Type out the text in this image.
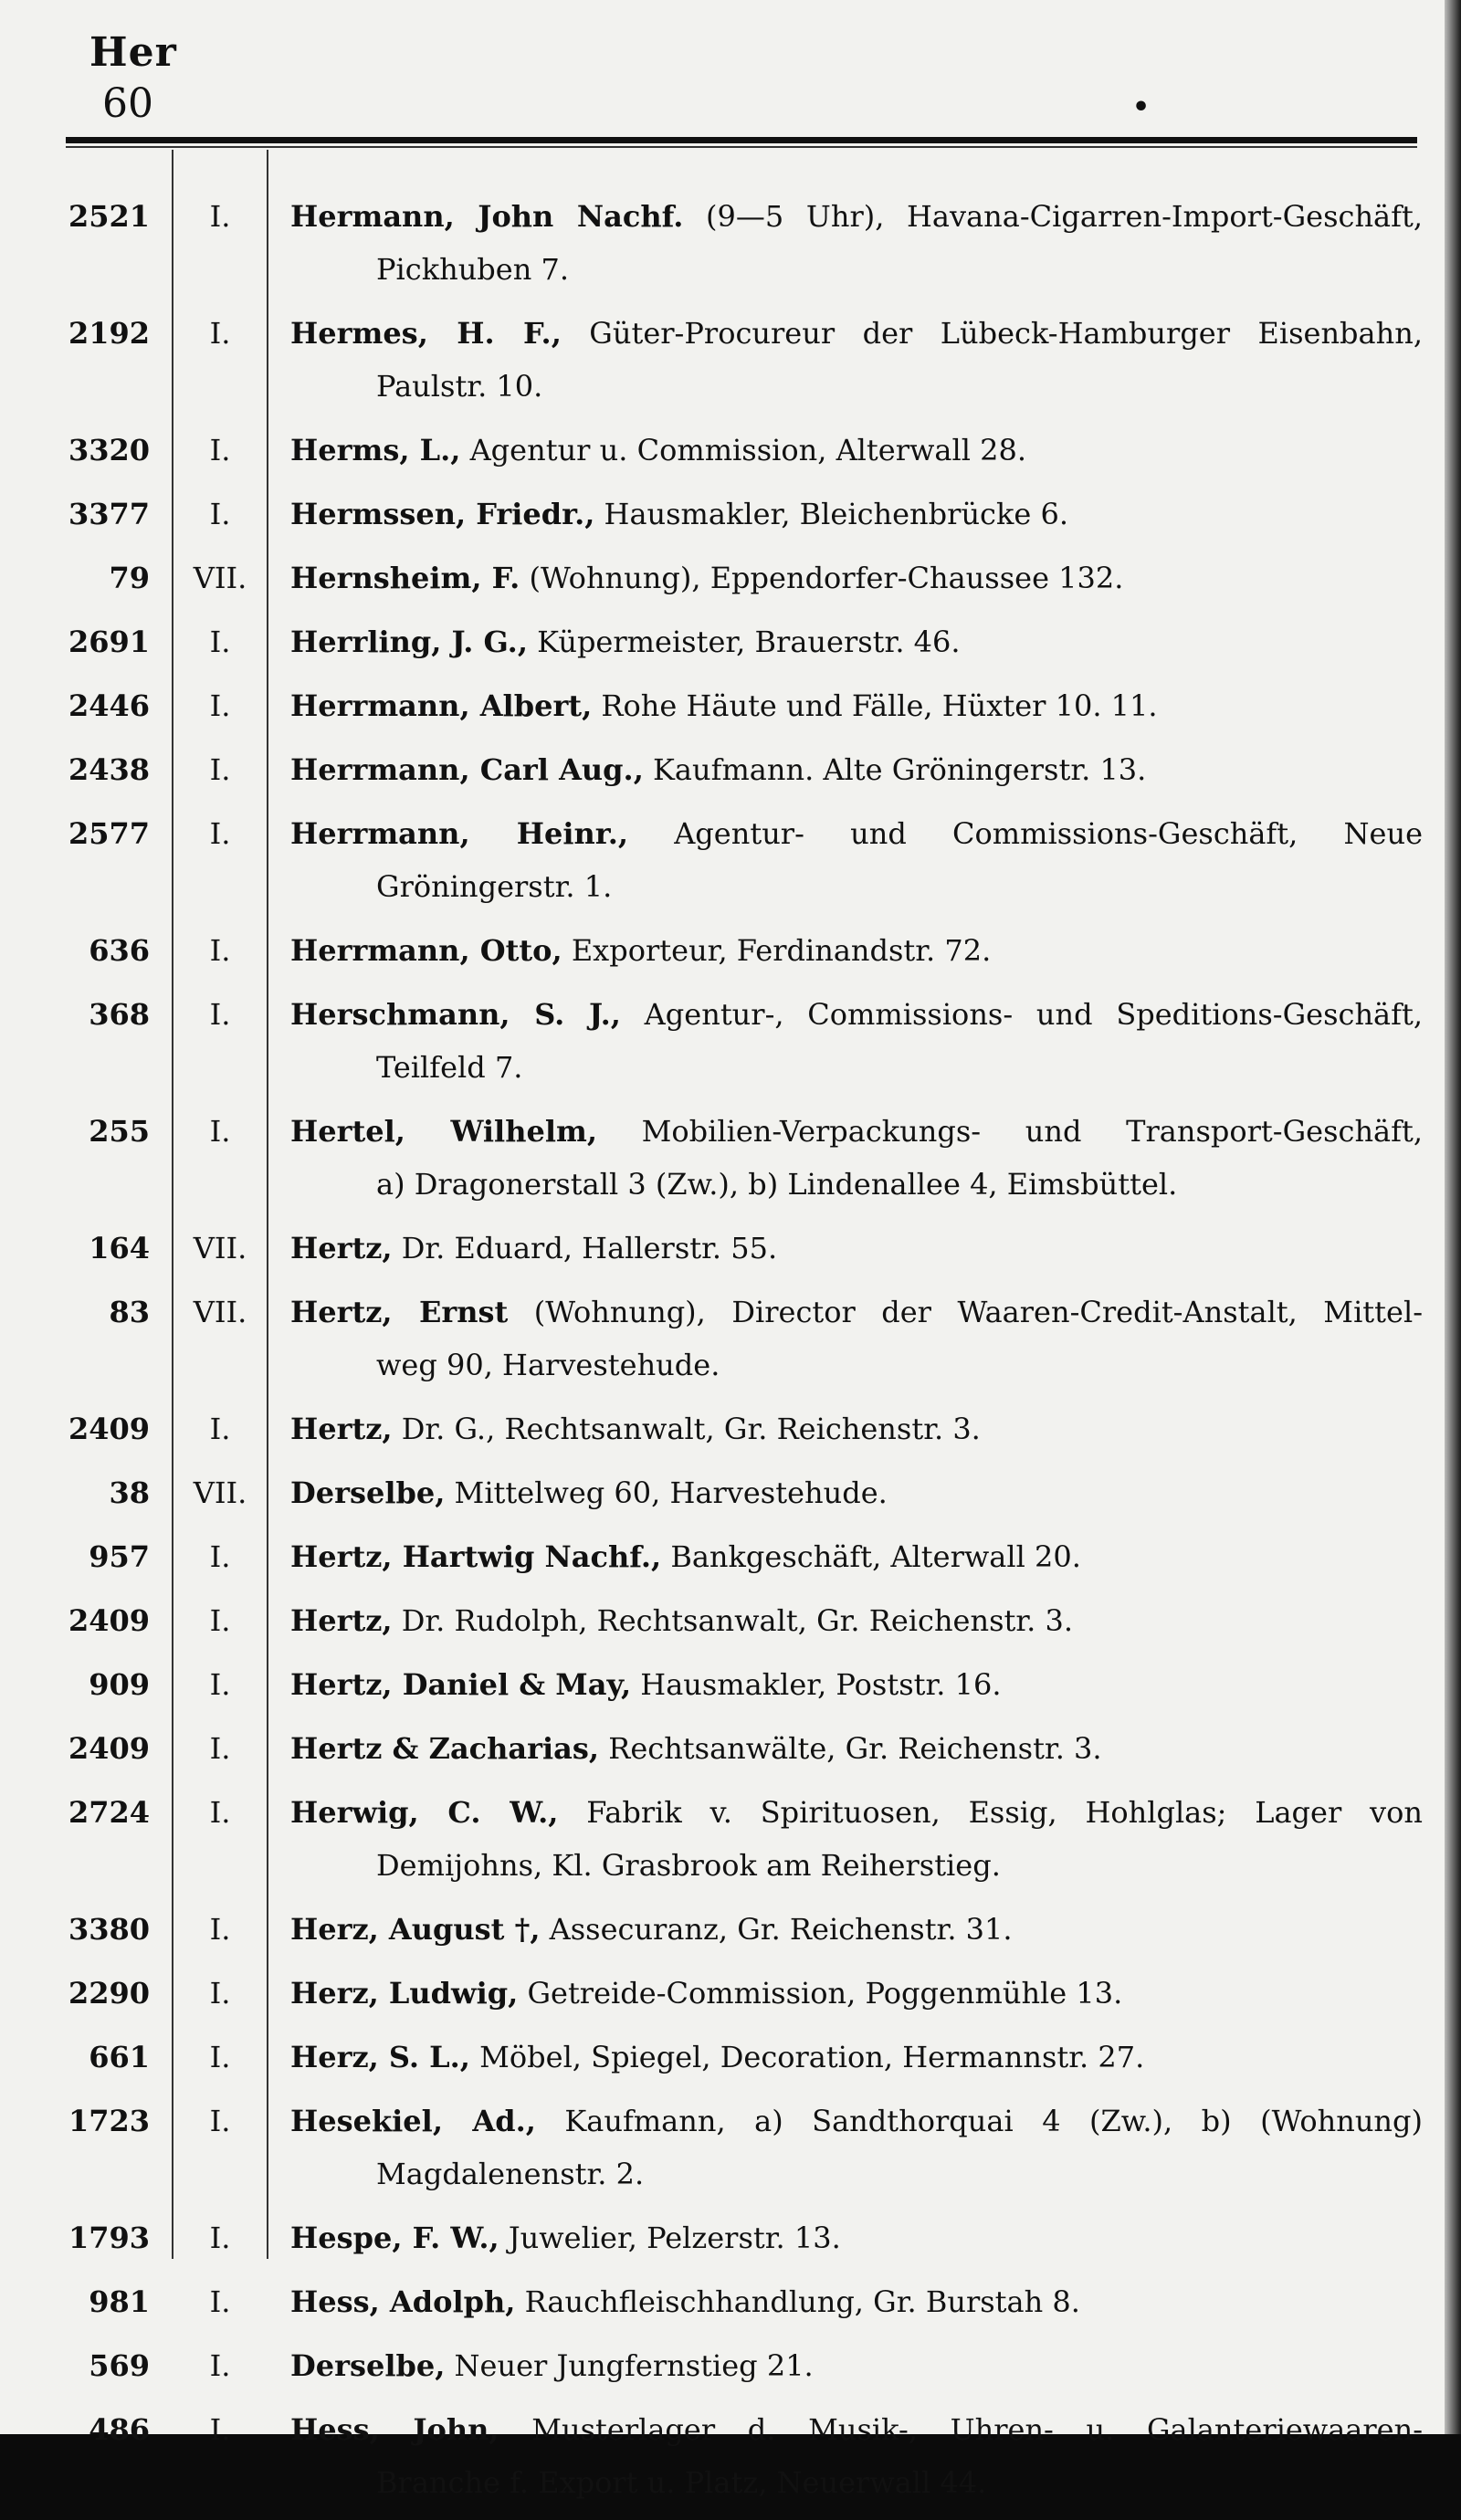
Her
60	•
2521	I.	Hermann, John Nachf. (9—5 Uhr), Havana-Cigarren-Import-Geschäft,
Pickhuben 7.
2192	I.	Hermes, H. F., Güter-Procureur der Lübeck-Hamburger Eisenbahn,
Paulstr. 10.
3320	I.	Herms, L., Agentur u. Commission, Alterwall 28.
3377	I.	Hermssen, Friedr., Hausmakler, Bleichenbrücke 6.
79	VII.	Hernsheim, F. (Wohnung), Eppendorfer-Chaussee 132.
2691	I.	Herrling, J. G., Küpermeister, Brauerstr. 46.
2446	I.	Herrmann, Albert, Rohe Häute und Fälle, Hüxter 10. 11.
2438	I.	Herrmann, Carl Aug., Kaufmann. Alte Gröningerstr. 13.
2577	I.	Herrmann, Heinr., Agentur- und Commissions-Geschäft, Neue
Gröningerstr. 1.
636	I.	Herrmann, Otto, Exporteur, Ferdinandstr. 72.
368	I.	Herschmann, S. J., Agentur-, Commissions- und Speditions-Geschäft,
Teilfeld 7.
255	I.	Hertel, Wilhelm, Mobilien-Verpackungs- und Transport-Geschäft,
a) Dragonerstall 3 (Zw.), b) Lindenallee 4, Eimsbüttel.
164	VII.	Hertz, Dr. Eduard, Hallerstr. 55.
83	VII.	Hertz, Ernst (Wohnung), Director der Waaren-Credit-Anstalt, Mittel-
weg 90, Harvestehude.
2409	I.	Hertz, Dr. G., Rechtsanwalt, Gr. Reichenstr. 3.
38	VII.	Derselbe, Mittelweg 60, Harvestehude.
957	I.	Hertz, Hartwig Nachf., Bankgeschäft, Alterwall 20.
2409	I.	Hertz, Dr. Rudolph, Rechtsanwalt, Gr. Reichenstr. 3.
909	I.	Hertz, Daniel & May, Hausmakler, Poststr. 16.
2409	I.	Hertz & Zacharias, Rechtsanwälte, Gr. Reichenstr. 3.
2724	I.	Herwig, C. W., Fabrik v. Spirituosen, Essig, Hohlglas; Lager von
Demijohns, Kl. Grasbrook am Reiherstieg.
3380	I.	Herz, August †, Assecuranz, Gr. Reichenstr. 31.
2290	I.	Herz, Ludwig, Getreide-Commission, Poggenmühle 13.
661	I.	Herz, S. L., Möbel, Spiegel, Decoration, Hermannstr. 27.
1723	I.	Hesekiel, Ad., Kaufmann, a) Sandthorquai 4 (Zw.), b) (Wohnung)
Magdalenenstr. 2.
1793	I.	Hespe, F. W., Juwelier, Pelzerstr. 13.
981	I.	Hess, Adolph, Rauchfleischhandlung, Gr. Burstah 8.
569	I.	Derselbe, Neuer Jungfernstieg 21.
486	I.	Hess, John, Musterlager d. Musik-, Uhren- u. Galanteriewaaren-
Branche f. Export u. Platz, Neuerwall 44.
